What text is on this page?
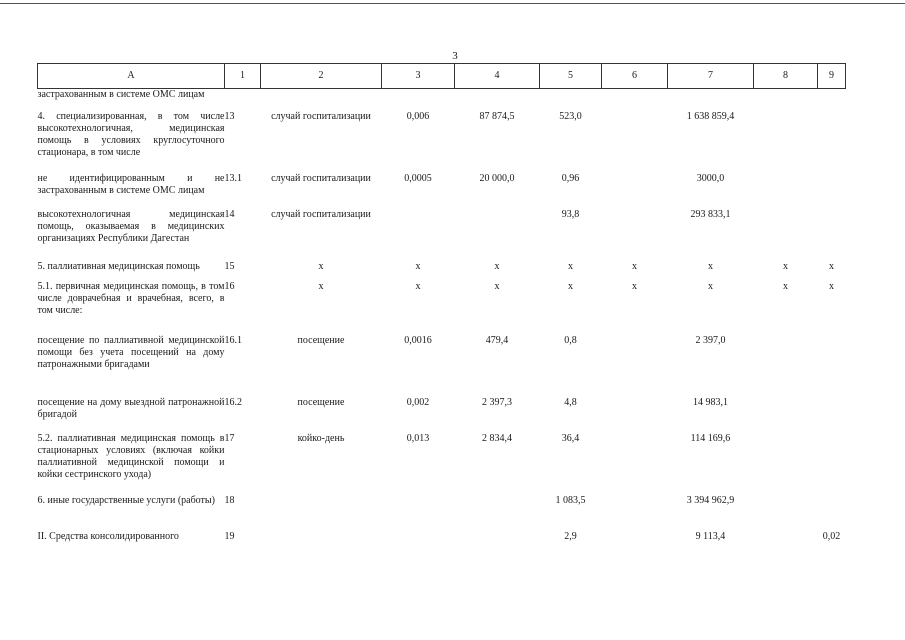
3
А	1	2	3	4	5	6	7	8	9
застрахованным в системе ОМС лицам									
4. специализированная, в том числе высокотехнологичная, медицинская помощь в условиях круглосуточного стационара, в том числе	13	случай госпитализации	0,006	87 874,5	523,0		1 638 859,4		
не идентифицированным и не застрахованным в системе ОМС лицам	13.1	случай госпитализации	0,0005	20 000,0	0,96		3000,0		
высокотехнологичная медицинская помощь, оказываемая в медицинских организациях Республики Дагестан	14	случай госпитализации			93,8		293 833,1		
5. паллиативная медицинская помощь	15	х	х	х	х	х	х	х	х
5.1. первичная медицинская помощь, в том числе доврачебная и врачебная, всего, в том числе:	16	х	х	х	х	х	х	х	х
посещение по паллиативной медицинской помощи без учета посещений на дому патронажными бригадами	16.1	посещение	0,0016	479,4	0,8		2 397,0		
посещение на дому выездной патронажной бригадой	16.2	посещение	0,002	2 397,3	4,8		14 983,1		
5.2. паллиативная медицинская помощь в стационарных условиях (включая койки паллиативной медицинской помощи и койки сестринского ухода)	17	койко-день	0,013	2 834,4	36,4		114 169,6		
6. иные государственные услуги (работы)	18				1 083,5		3 394 962,9		
II. Средства консолидированного	19				2,9		9 113,4		0,02
